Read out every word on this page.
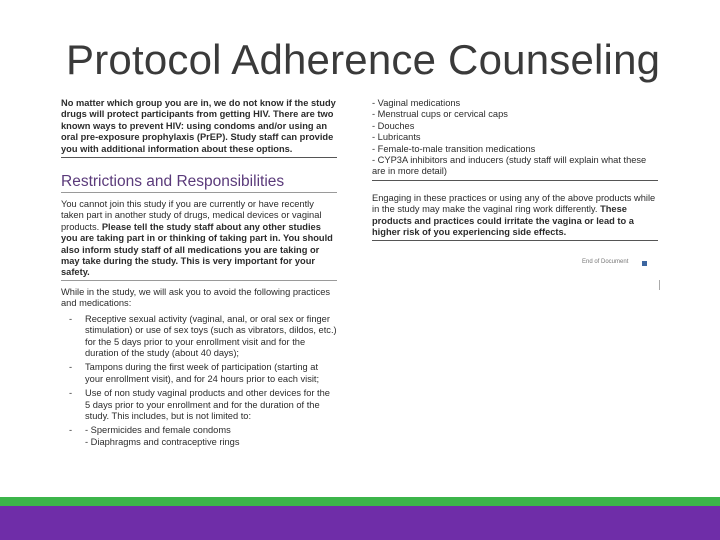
Protocol Adherence Counseling

No matter which group you are in, we do not know if the study drugs will protect participants from getting HIV. There are two known ways to prevent HIV: using condoms and/or using an oral pre-exposure prophylaxis (PrEP). Study staff can provide you with additional information about these options.

Restrictions and Responsibilities

You cannot join this study if you are currently or have recently taken part in another study of drugs, medical devices or vaginal products. Please tell the study staff about any other studies you are taking part in or thinking of taking part in. You should also inform study staff of all medications you are taking or may take during the study. This is very important for your safety.

While in the study, we will ask you to avoid the following practices and medications:

- Receptive sexual activity (vaginal, anal, or oral sex or finger stimulation) or use of sex toys (such as vibrators, dildos, etc.) for the 5 days prior to your enrollment visit and for the duration of the study (about 40 days);
- Tampons during the first week of participation (starting at your enrollment visit), and for 24 hours prior to each visit;
- Use of non study vaginal products and other devices for the 5 days prior to your enrollment and for the duration of the study. This includes, but is not limited to:
- - Spermicides and female condoms
- Diaphragms and contraceptive rings
- Vaginal medications
- Menstrual cups or cervical caps
- Douches
- Lubricants
- Female-to-male transition medications
- CYP3A inhibitors and inducers (study staff will explain what these are in more detail)

Engaging in these practices or using any of the above products while in the study may make the vaginal ring work differently. These products and practices could irritate the vagina or lead to a higher risk of you experiencing side effects.

End of Document
